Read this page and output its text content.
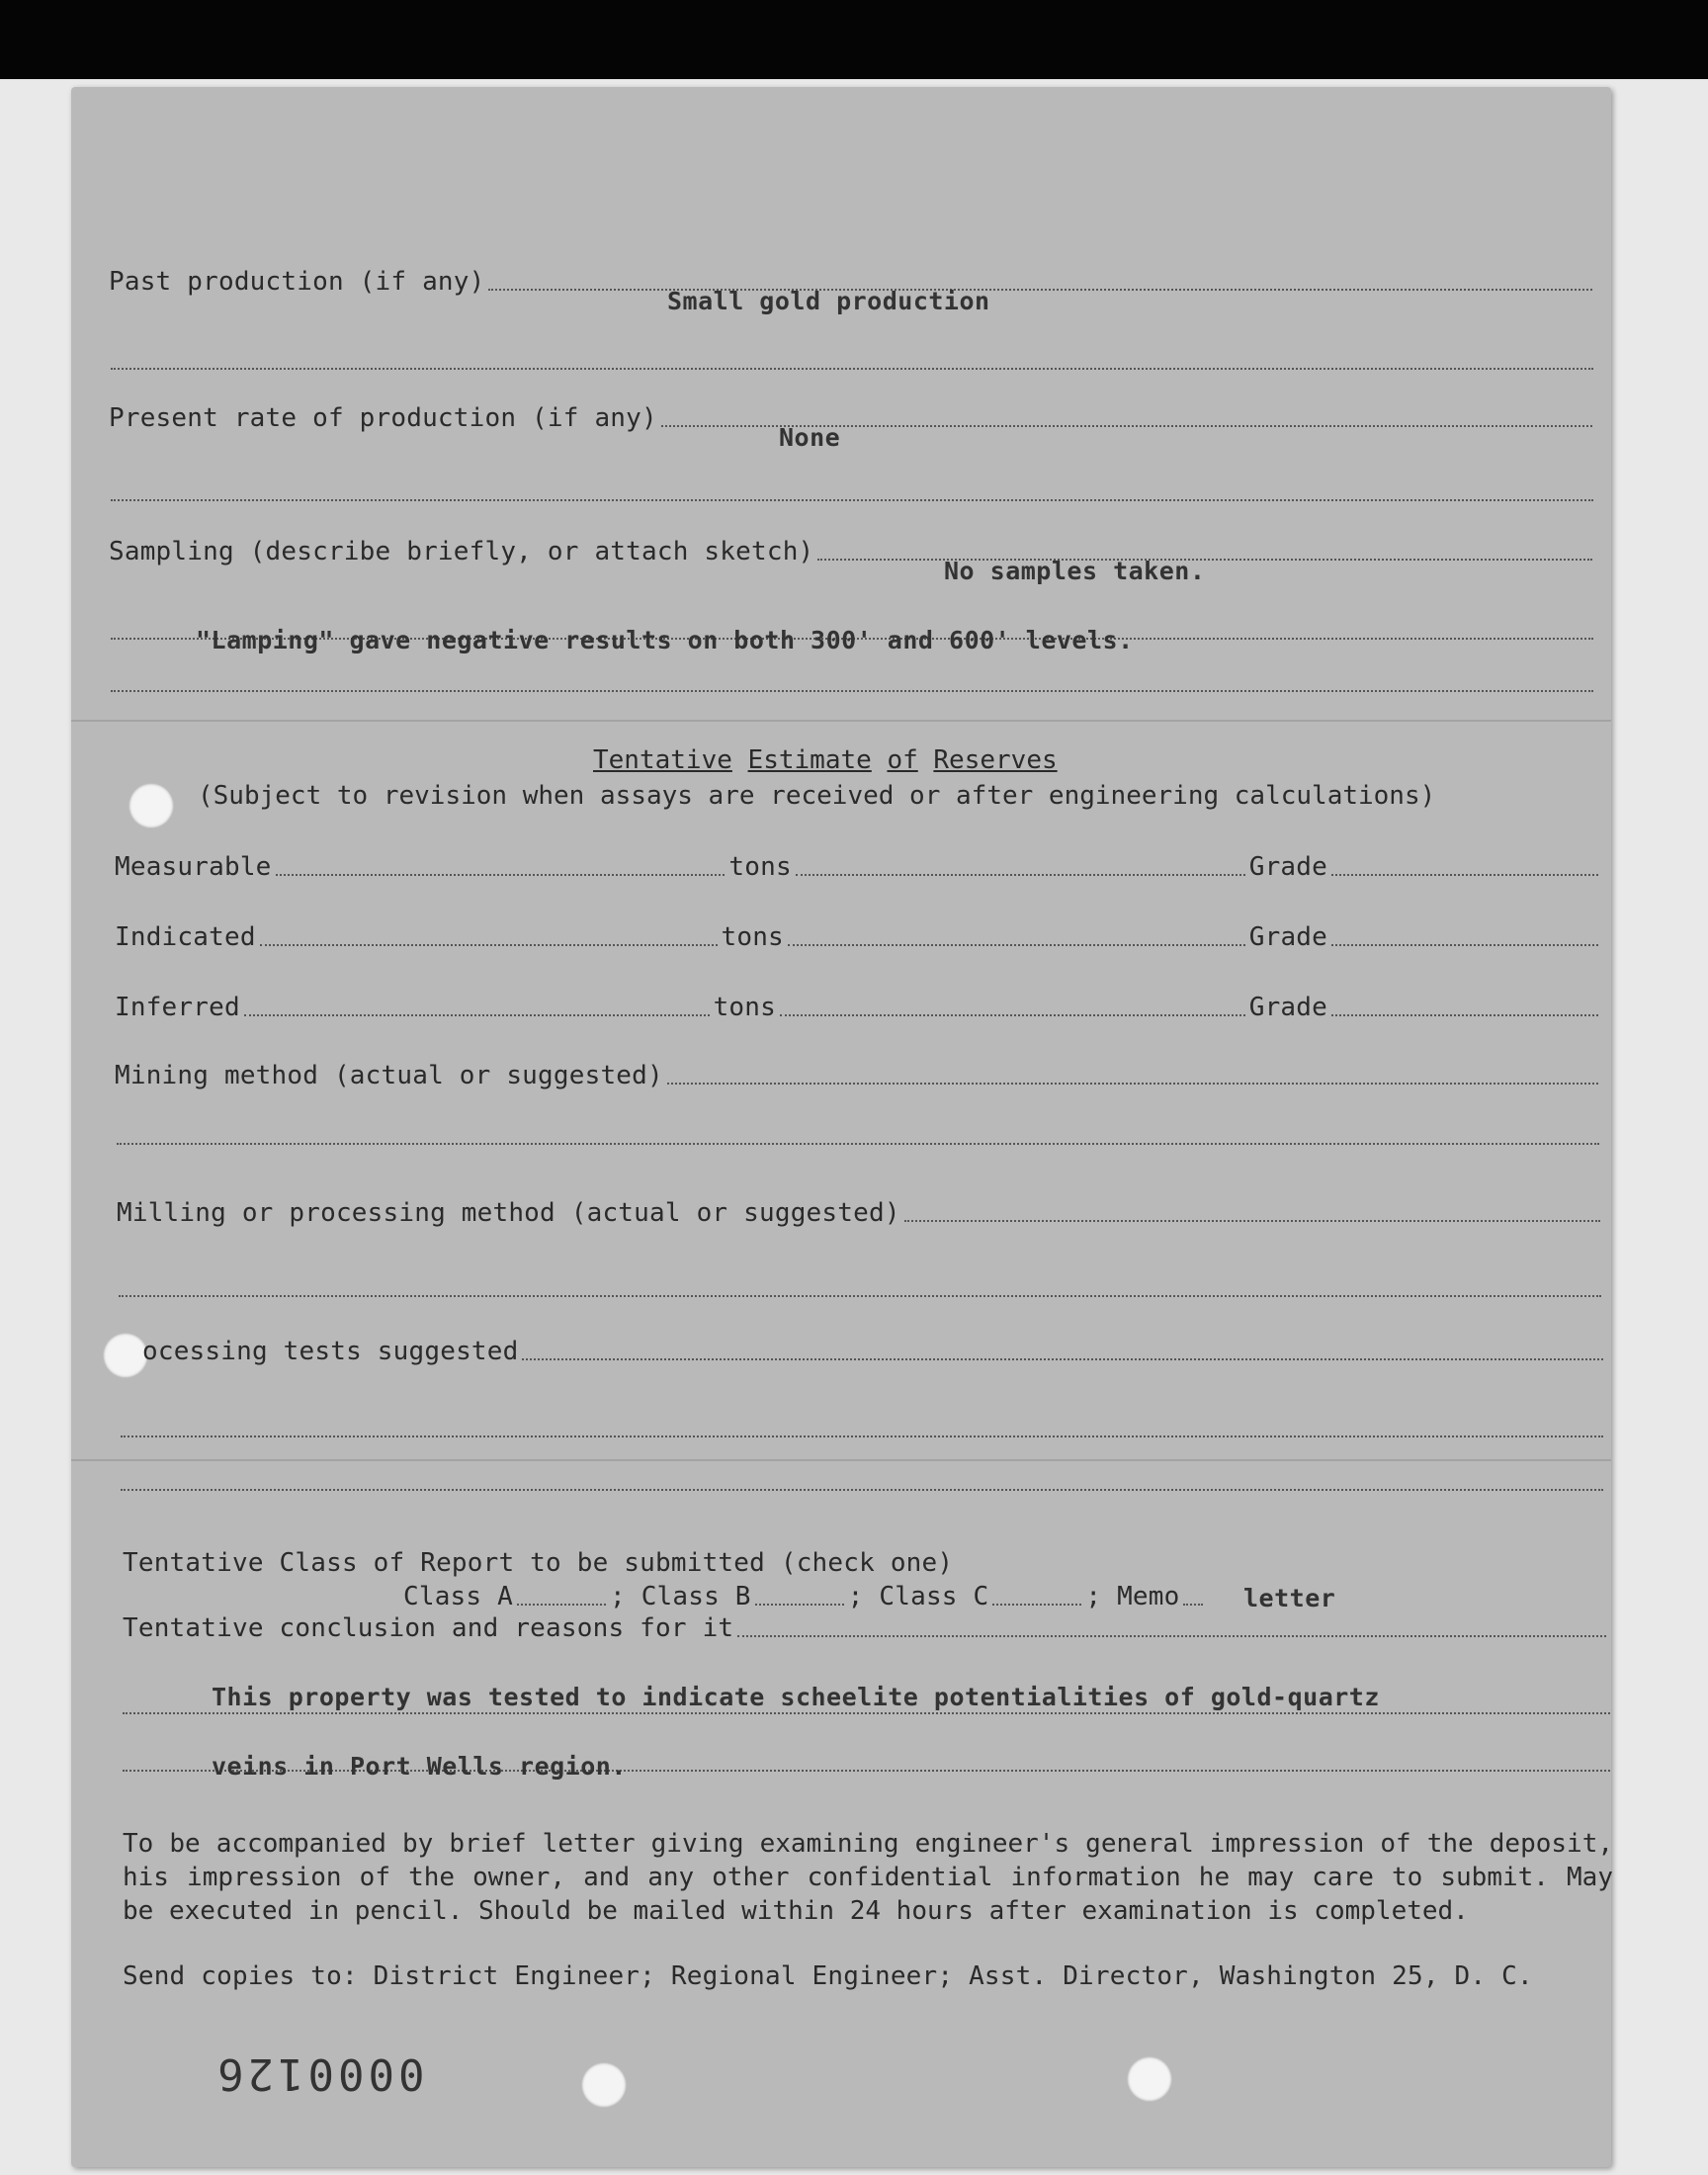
Past production (if any)
Small gold production
Present rate of production (if any)
None
Sampling (describe briefly, or attach sketch)
No samples taken.
"Lamping" gave negative results on both 300' and 600' levels.
Tentative Estimate of Reserves
(Subject to revision when assays are received or after engineering calculations)
Measurable	tons	Grade
Indicated	tons	Grade
Inferred	tons	Grade
Mining method (actual or suggested)
Milling or processing method (actual or suggested)
ocessing tests suggested
Tentative Class of Report to be submitted (check one)
Class A	; Class B	; Class C	; Memo	letter
Tentative conclusion and reasons for it
This property was tested to indicate scheelite potentialities of gold-quartz
veins in Port Wells region.
To be accompanied by brief letter giving examining engineer's general impression of the deposit, his impression of the owner, and any other confidential information he may care to submit. May be executed in pencil. Should be mailed within 24 hours after examination is completed.
Send copies to: District Engineer; Regional Engineer; Asst. Director, Washington 25, D. C.
0000126
